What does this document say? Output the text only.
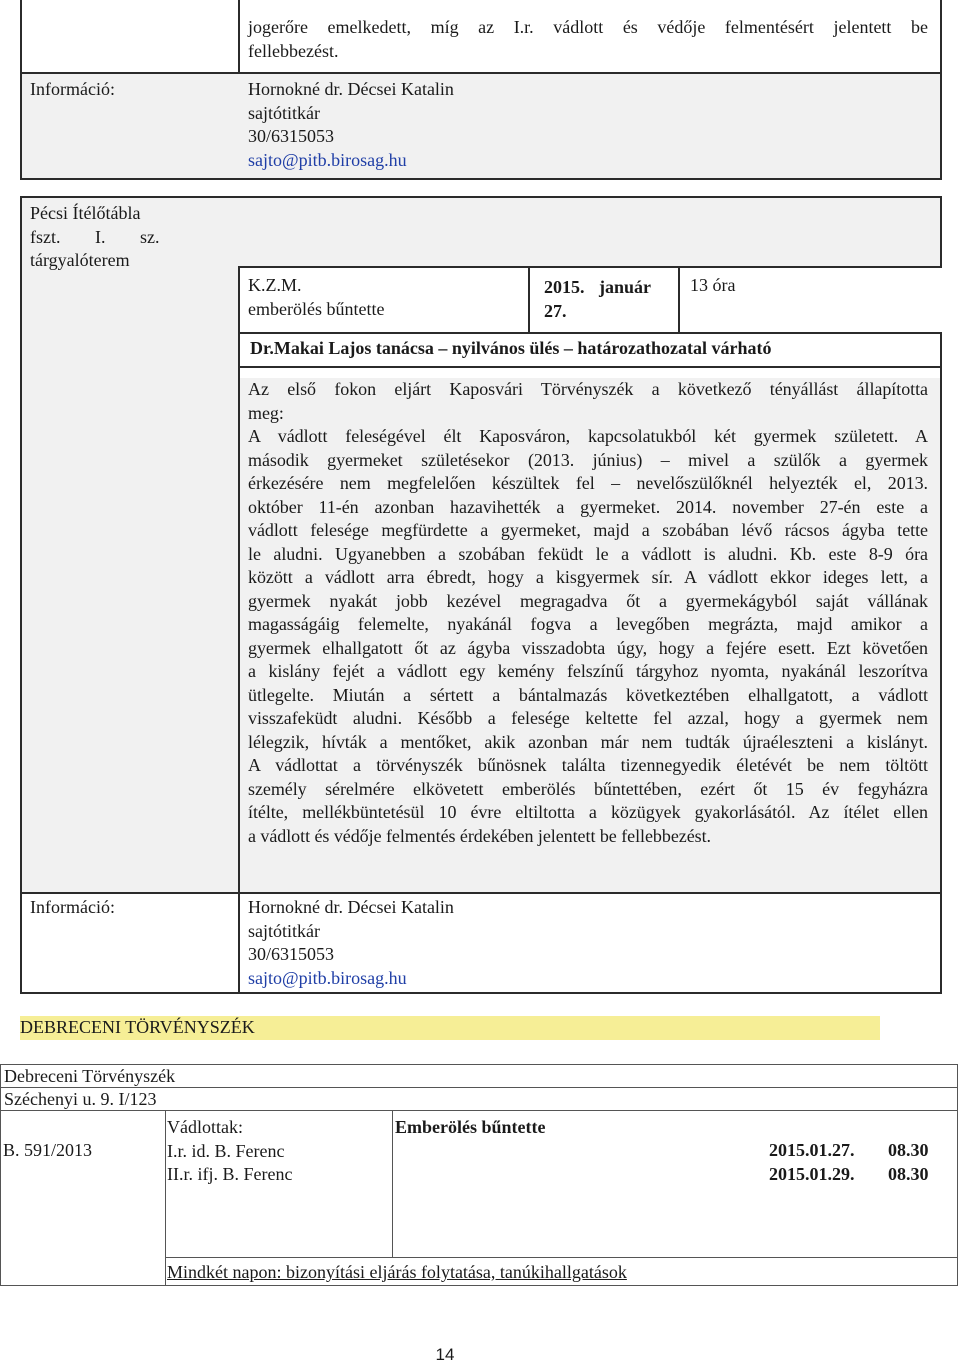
jogerőre emelkedett, míg az I.r. vádlott és védője felmentésért jelentett be
fellebbezést.
Információ:	Hornokné dr. Décsei Katalin
sajtótitkár
30/6315053
sajto@pitb.birosag.hu
Pécsi Ítélőtábla
fszt. I. sz.
tárgyalóterem
K.Z.M.
emberölés bűntette
2015. január
27.
13 óra
Dr.Makai Lajos tanácsa – nyilvános ülés – határozathozatal várható
Az első fokon eljárt Kaposvári Törvényszék a következő tényállást állapította
meg:
A vádlott feleségével élt Kaposváron, kapcsolatukból két gyermek született. A
második gyermeket születésekor (2013. június) – mivel a szülők a gyermek
érkezésére nem megfelelően készültek fel – nevelőszülőknél helyezték el, 2013.
október 11-én azonban hazavihették a gyermeket. 2014. november 27-én este a
vádlott felesége megfürdette a gyermeket, majd a szobában lévő rácsos ágyba tette
le aludni. Ugyanebben a szobában feküdt le a vádlott is aludni. Kb. este 8-9 óra
között a vádlott arra ébredt, hogy a kisgyermek sír. A vádlott ekkor ideges lett, a
gyermek nyakát jobb kezével megragadva őt a gyermekágyból saját vállának
magasságáig felemelte, nyakánál fogva a levegőben megrázta, majd amikor a
gyermek elhallgatott őt az ágyba visszadobta úgy, hogy a fejére esett. Ezt követően
a kislány fejét a vádlott egy kemény felszínű tárgyhoz nyomta, nyakánál leszorítva
ütlegelte. Miután a sértett a bántalmazás következtében elhallgatott, a vádlott
visszafeküdt aludni. Később a felesége keltette fel azzal, hogy a gyermek nem
lélegzik, hívták a mentőket, akik azonban már nem tudták újraéleszteni a kislányt.
A vádlottat a törvényszék bűnösnek találta tizennegyedik életévét be nem töltött
személy sérelmére elkövetett emberölés bűntettében, ezért őt 15 év fegyházra
ítélte, mellékbüntetésül 10 évre eltiltotta a közügyek gyakorlásától. Az ítélet ellen
a vádlott és védője felmentés érdekében jelentett be fellebbezést.
Információ:	Hornokné dr. Décsei Katalin
sajtótitkár
30/6315053
sajto@pitb.birosag.hu
DEBRECENI TÖRVÉNYSZÉK
Debreceni Törvényszék
Széchenyi u. 9. I/123
B. 591/2013
Vádlottak:
I.r. id. B. Ferenc
II.r. ifj. B. Ferenc
Emberölés bűntette
2015.01.27.
2015.01.29.
08.30
08.30
Mindkét napon: bizonyítási eljárás folytatása, tanúkihallgatások
14
